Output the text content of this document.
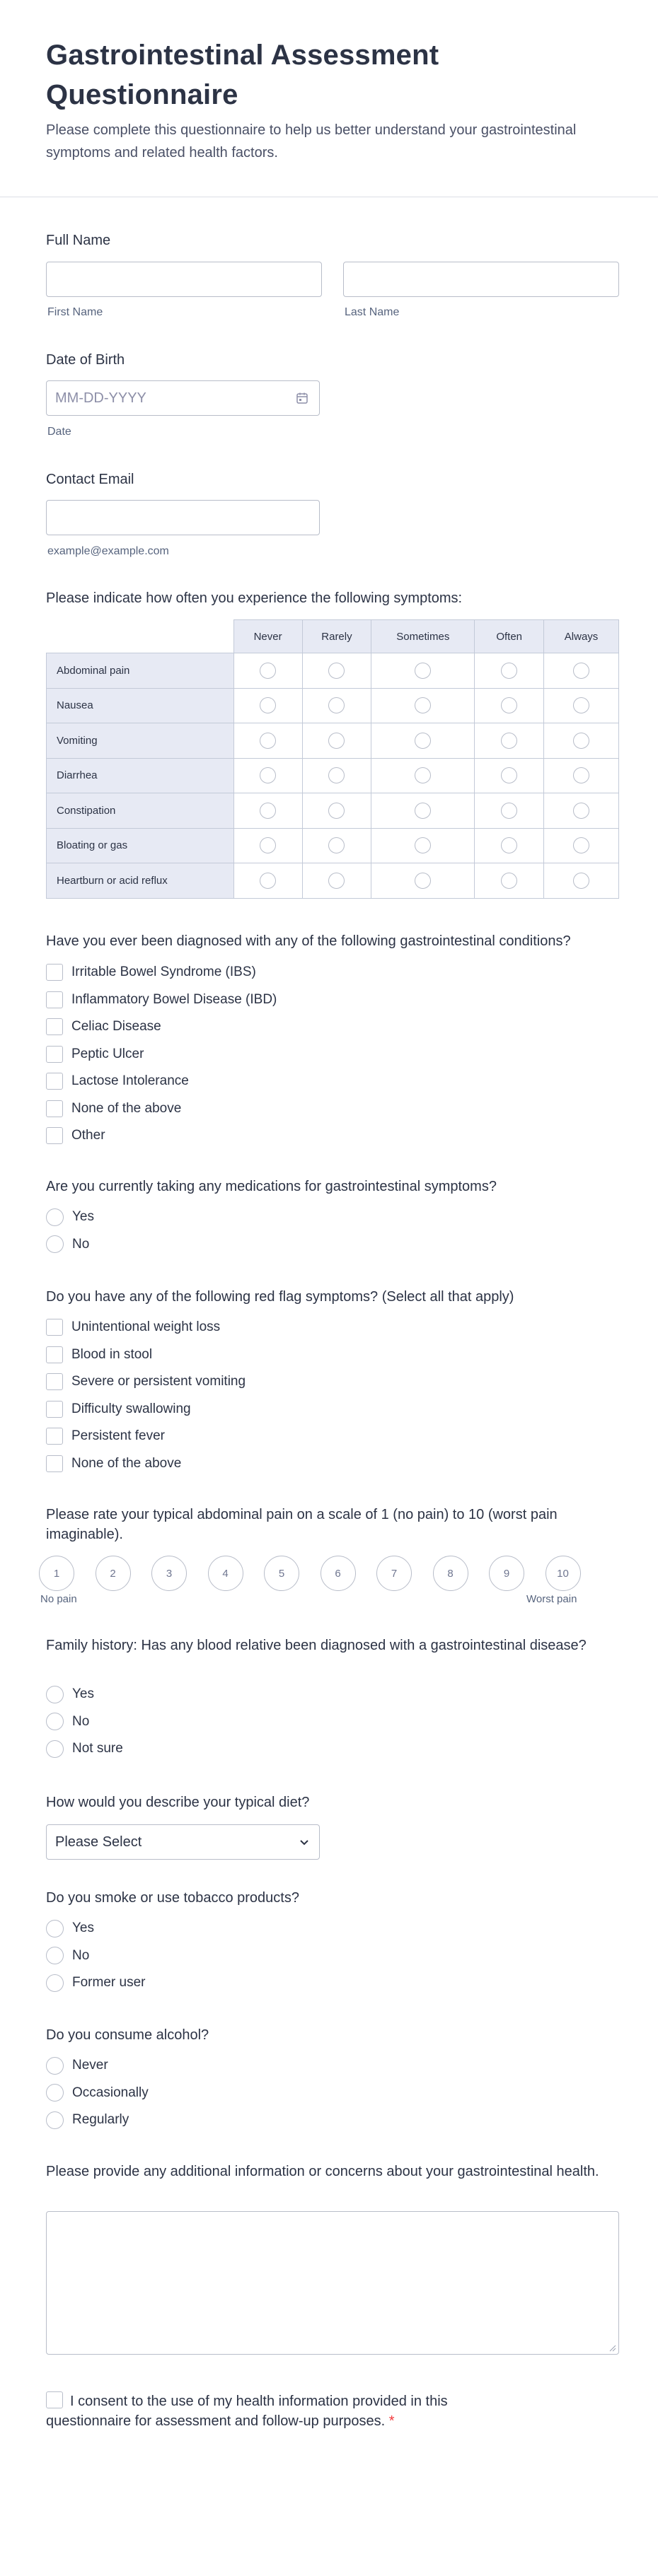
Gastrointestinal Assessment Questionnaire

Please complete this questionnaire to help us better understand your gastrointestinal symptoms and related health factors.

Full Name
First Name	Last Name
Date of Birth
MM-DD-YYYY
Date
Contact Email
example@example.com
Please indicate how often you experience the following symptoms:
	Never	Rarely	Sometimes	Often	Always
Abdominal pain					
Nausea					
Vomiting					
Diarrhea					
Constipation					
Bloating or gas					
Heartburn or acid reflux					
Have you ever been diagnosed with any of the following gastrointestinal conditions?
Irritable Bowel Syndrome (IBS)
Inflammatory Bowel Disease (IBD)
Celiac Disease
Peptic Ulcer
Lactose Intolerance
None of the above
Other
Are you currently taking any medications for gastrointestinal symptoms?
Yes
No
Do you have any of the following red flag symptoms? (Select all that apply)
Unintentional weight loss
Blood in stool
Severe or persistent vomiting
Difficulty swallowing
Persistent fever
None of the above
Please rate your typical abdominal pain on a scale of 1 (no pain) to 10 (worst pain imaginable).
1	2	3	4	5	6	7	8	9	10
No pain	Worst pain
Family history: Has any blood relative been diagnosed with a gastrointestinal disease?
Yes
No
Not sure
How would you describe your typical diet?
Please Select
Do you smoke or use tobacco products?
Yes
No
Former user
Do you consume alcohol?
Never
Occasionally
Regularly
Please provide any additional information or concerns about your gastrointestinal health.
I consent to the use of my health information provided in this questionnaire for assessment and follow-up purposes. *
